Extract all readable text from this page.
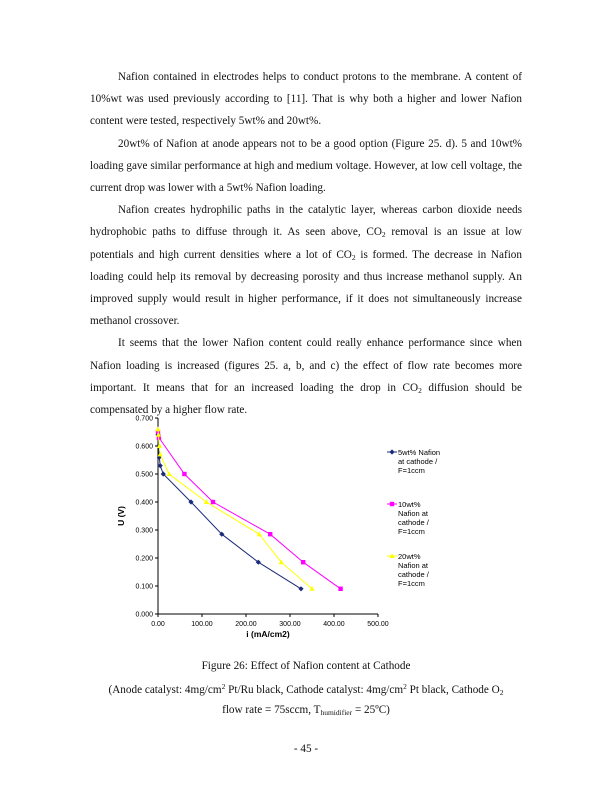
Nafion contained in electrodes helps to conduct protons to the membrane. A content of 10%wt was used previously according to [11]. That is why both a higher and lower Nafion content were tested, respectively 5wt% and 20wt%.

20wt% of Nafion at anode appears not to be a good option (Figure 25. d). 5 and 10wt% loading gave similar performance at high and medium voltage. However, at low cell voltage, the current drop was lower with a 5wt% Nafion loading.

Nafion creates hydrophilic paths in the catalytic layer, whereas carbon dioxide needs hydrophobic paths to diffuse through it. As seen above, $CO_2$ removal is an issue at low potentials and high current densities where a lot of $CO_2$ is formed. The decrease in Nafion loading could help its removal by decreasing porosity and thus increase methanol supply. An improved supply would result in higher performance, if it does not simultaneously increase methanol crossover.

It seems that the lower Nafion content could really enhance performance since when Nafion loading is increased (figures 25. a, b, and c) the effect of flow rate becomes more important. It means that for an increased loading the drop in $CO_2$ diffusion should be compensated by a higher flow rate.

0.000
0.100
0.200
0.300
0.400
0.500
0.600
0.700
0.00	100.00	200.00	300.00	400.00	500.00
i (mA/cm2)
U (V)
5wt% Nafion
at cathode /
F=1ccm
10wt%
Nafion at
cathode /
F=1ccm
20wt%
Nafion at
cathode /
F=1ccm
Figure 26: Effect of Nafion content at Cathode
(Anode catalyst: $4mg/cm^2$ Pt/Ru black, Cathode catalyst: $4mg/cm^2$ Pt black, Cathode $O_2$
flow rate = 75sccm, $T_{humidifier}$ = 25ºC)
- 45 -
